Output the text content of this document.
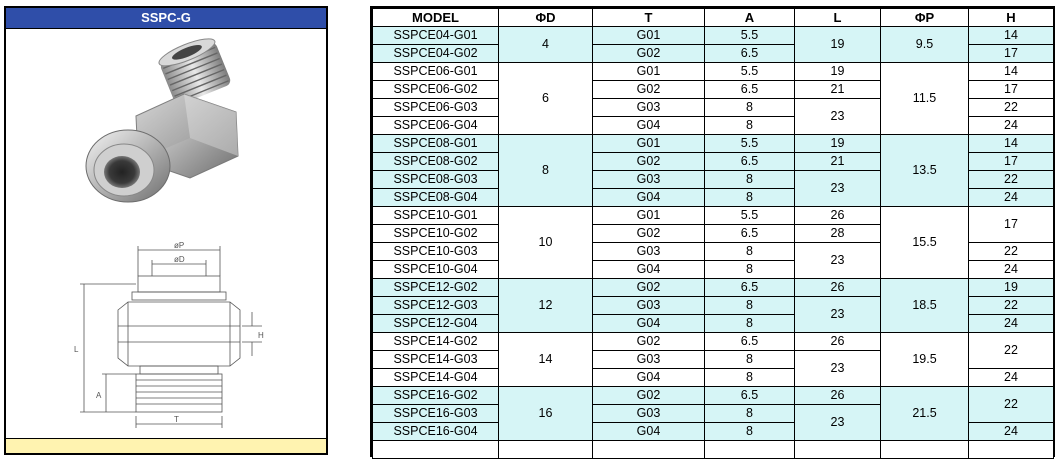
SSPC-G
øP
øD
L
H
A
T
MODEL	ΦD	T	A	L	ΦP	H
SSPCE04-G01	4	G01	5.5	19	9.5	14
SSPCE04-G02		G02	6.5			17
SSPCE06-G01	6	G01	5.5	19	11.5	14
SSPCE06-G02		G02	6.5	21		17
SSPCE06-G03		G03	8	23		22
SSPCE06-G04		G04	8			24
SSPCE08-G01	8	G01	5.5	19	13.5	14
SSPCE08-G02		G02	6.5	21		17
SSPCE08-G03		G03	8	23		22
SSPCE08-G04		G04	8			24
SSPCE10-G01	10	G01	5.5	26	15.5	17
SSPCE10-G02		G02	6.5	28		
SSPCE10-G03		G03	8	23		22
SSPCE10-G04		G04	8			24
SSPCE12-G02	12	G02	6.5	26	18.5	19
SSPCE12-G03		G03	8	23		22
SSPCE12-G04		G04	8			24
SSPCE14-G02	14	G02	6.5	26	19.5	22
SSPCE14-G03		G03	8	23		
SSPCE14-G04		G04	8			24
SSPCE16-G02	16	G02	6.5	26	21.5	22
SSPCE16-G03		G03	8	23		
SSPCE16-G04		G04	8			24
